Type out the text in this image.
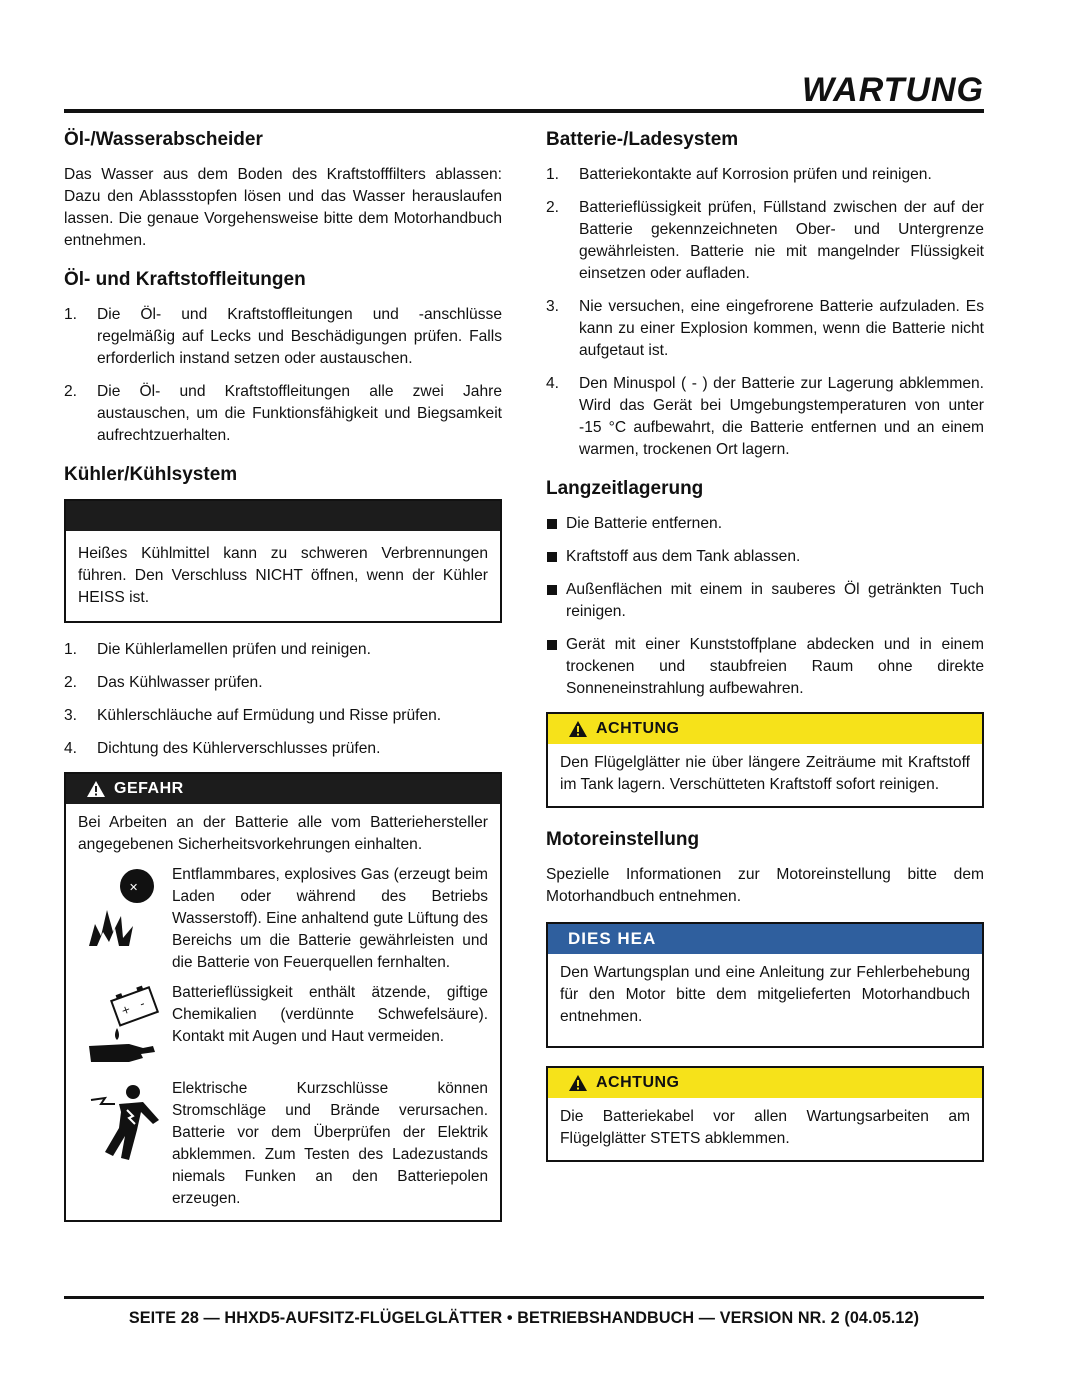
WARTUNG
Öl-/Wasserabscheider

Das Wasser aus dem Boden des Kraftstofffilters ablassen: Dazu den Ablassstopfen lösen und das Wasser herauslaufen lassen. Die genaue Vorgehensweise bitte dem Motorhandbuch entnehmen.

Öl- und Kraftstoffleitungen
1. Die Öl- und Kraftstoffleitungen und -anschlüsse regelmäßig auf Lecks und Beschädigungen prüfen. Falls erforderlich instand setzen oder austauschen.
2. Die Öl- und Kraftstoffleitungen alle zwei Jahre austauschen, um die Funktionsfähigkeit und Biegsamkeit aufrechtzuerhalten.
Kühler/Kühlsystem
Heißes Kühlmittel kann zu schweren Verbrennungen führen. Den Verschluss NICHT öffnen, wenn der Kühler HEISS ist.
1. Die Kühlerlamellen prüfen und reinigen.
2. Das Kühlwasser prüfen.
3. Kühlerschläuche auf Ermüdung und Risse prüfen.
4. Dichtung des Kühlerverschlusses prüfen.
GEFAHR
Bei Arbeiten an der Batterie alle vom Batteriehersteller angegebenen Sicherheitsvorkehrungen einhalten.
✕
Entflammbares, explosives Gas (erzeugt beim Laden oder während des Betriebs Wasserstoff). Eine anhaltend gute Lüftung des Bereichs um die Batterie gewährleisten und die Batterie von Feuerquellen fernhalten.
+ -
Batterieflüssigkeit enthält ätzende, giftige Chemikalien (verdünnte Schwefelsäure). Kontakt mit Augen und Haut vermeiden.
Elektrische Kurzschlüsse können Stromschläge und Brände verursachen. Batterie vor dem Überprüfen der Elektrik abklemmen. Zum Testen des Ladezustands niemals Funken an den Batteriepolen erzeugen.
Batterie-/Ladesystem
1. Batteriekontakte auf Korrosion prüfen und reinigen.
2. Batterieflüssigkeit prüfen, Füllstand zwischen der auf der Batterie gekennzeichneten Ober- und Untergrenze gewährleisten. Batterie nie mit mangelnder Flüssigkeit einsetzen oder aufladen.
3. Nie versuchen, eine eingefrorene Batterie aufzuladen. Es kann zu einer Explosion kommen, wenn die Batterie nicht aufgetaut ist.
4. Den Minuspol ( - ) der Batterie zur Lagerung abklemmen. Wird das Gerät bei Umgebungstemperaturen von unter -15 °C aufbewahrt, die Batterie entfernen und an einem warmen, trockenen Ort lagern.
Langzeitlagerung
Die Batterie entfernen.
Kraftstoff aus dem Tank ablassen.
Außenflächen mit einem in sauberes Öl getränkten Tuch reinigen.
Gerät mit einer Kunststoffplane abdecken und in einem trockenen und staubfreien Raum ohne direkte Sonneneinstrahlung aufbewahren.
ACHTUNG
Den Flügelglätter nie über längere Zeiträume mit Kraftstoff im Tank lagern. Verschütteten Kraftstoff sofort reinigen.
Motoreinstellung

Spezielle Informationen zur Motoreinstellung bitte dem Motorhandbuch entnehmen.

DIES HEA
Den Wartungsplan und eine Anleitung zur Fehlerbehebung für den Motor bitte dem mitgelieferten Motorhandbuch entnehmen.
ACHTUNG
Die Batteriekabel vor allen Wartungsarbeiten am Flügelglätter STETS abklemmen.
SEITE 28 — HHXD5-AUFSITZ-FLÜGELGLÄTTER • BETRIEBSHANDBUCH — VERSION NR. 2 (04.05.12)
